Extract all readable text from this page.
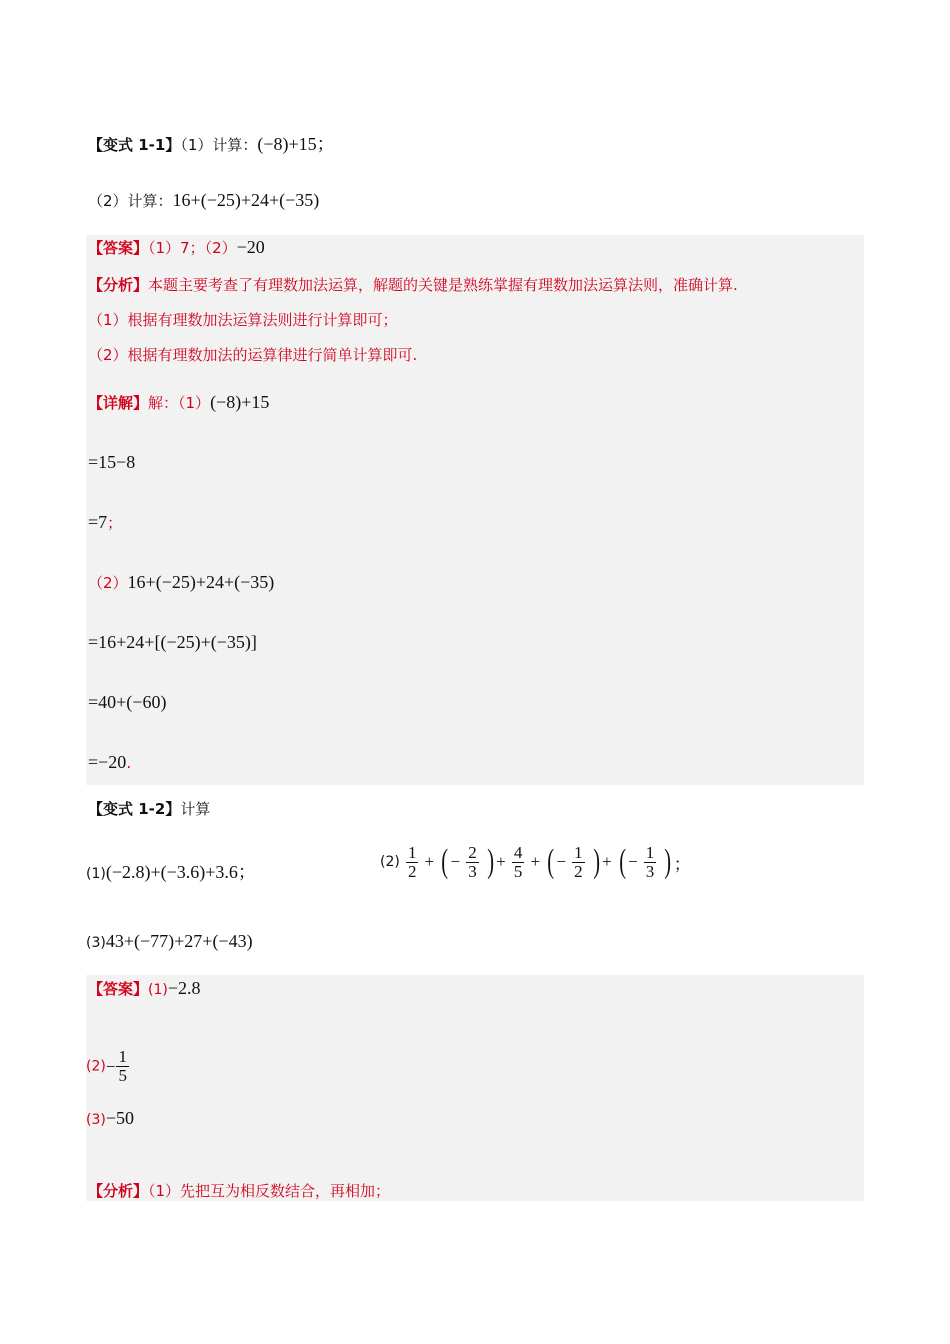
【变式 1-1】（1）计算：(−8)+15；
（2）计算：16+(−25)+24+(−35)
【答案】（1）7；（2）−20
【分析】本题主要考查了有理数加法运算，解题的关键是熟练掌握有理数加法运算法则，准确计算.
（1）根据有理数加法运算法则进行计算即可；
（2）根据有理数加法的运算律进行简单计算即可.
【详解】解：（1）(−8)+15
=15−8
=7；
（2）16+(−25)+24+(−35)
=16+24+[(−25)+(−35)]
=40+(−60)
=−20.
【变式 1-2】计算
(1)(−2.8)+(−3.6)+3.6；	$(2) \frac{1}{2}$ + ( − $\frac{2}{3}$ ) + $\frac{4}{5}$ + ( − $\frac{1}{2}$ ) + ( − $\frac{1}{3}$ ) ；
(3)43+(−77)+27+(−43)
【答案】(1)−2.8
$(2)- \frac{1}{5}$
(3)−50
【分析】（1）先把互为相反数结合，再相加；
